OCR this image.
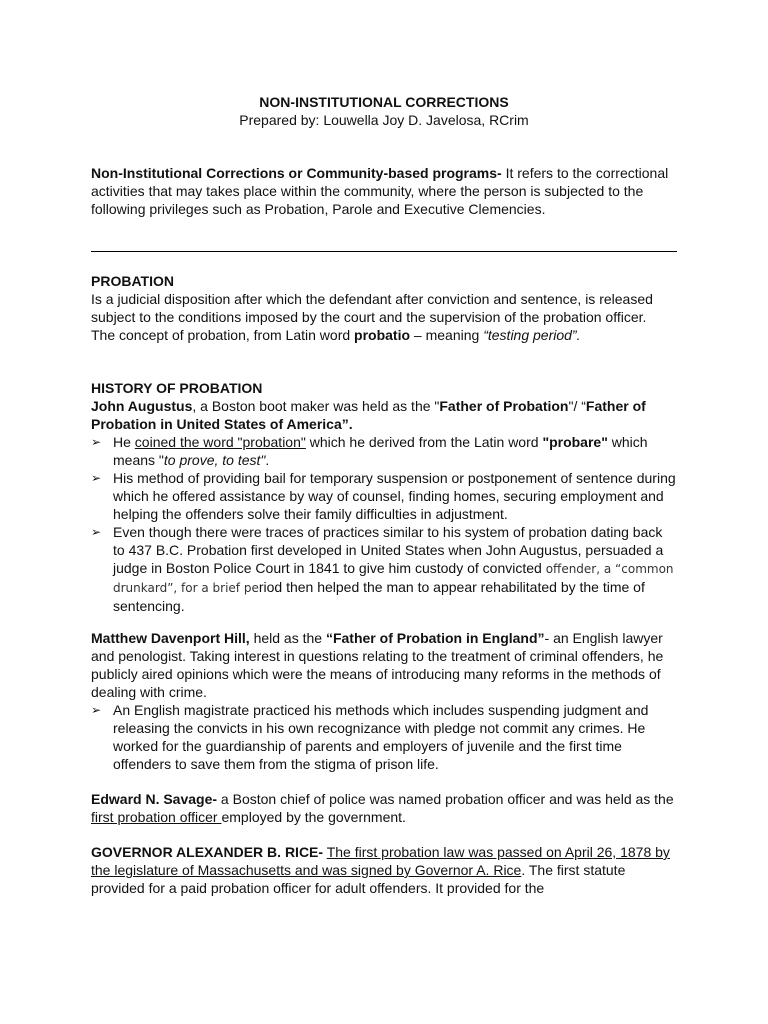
NON-INSTITUTIONAL CORRECTIONS
Prepared by: Louwella Joy D. Javelosa, RCrim
Non-Institutional Corrections or Community-based programs- It refers to the correctional activities that may takes place within the community, where the person is subjected to the following privileges such as Probation, Parole and Executive Clemencies.
PROBATION
Is a judicial disposition after which the defendant after conviction and sentence, is released subject to the conditions imposed by the court and the supervision of the probation officer.
The concept of probation, from Latin word probatio – meaning “testing period”.
HISTORY OF PROBATION
John Augustus, a Boston boot maker was held as the "Father of Probation"/ “Father of Probation in United States of America”.
➢ He coined the word "probation" which he derived from the Latin word "probare" which means "to prove, to test".
➢ His method of providing bail for temporary suspension or postponement of sentence during which he offered assistance by way of counsel, finding homes, securing employment and helping the offenders solve their family difficulties in adjustment.
➢ Even though there were traces of practices similar to his system of probation dating back to 437 B.C. Probation first developed in United States when John Augustus, persuaded a judge in Boston Police Court in 1841 to give him custody of convicted offender, a “common drunkard”, for a brief period then helped the man to appear rehabilitated by the time of sentencing.
Matthew Davenport Hill, held as the “Father of Probation in England”- an English lawyer and penologist. Taking interest in questions relating to the treatment of criminal offenders, he publicly aired opinions which were the means of introducing many reforms in the methods of dealing with crime.
➢ An English magistrate practiced his methods which includes suspending judgment and releasing the convicts in his own recognizance with pledge not commit any crimes. He worked for the guardianship of parents and employers of juvenile and the first time offenders to save them from the stigma of prison life.
Edward N. Savage- a Boston chief of police was named probation officer and was held as the first probation officer employed by the government.
GOVERNOR ALEXANDER B. RICE- The first probation law was passed on April 26, 1878 by the legislature of Massachusetts and was signed by Governor A. Rice. The first statute provided for a paid probation officer for adult offenders. It provided for the
